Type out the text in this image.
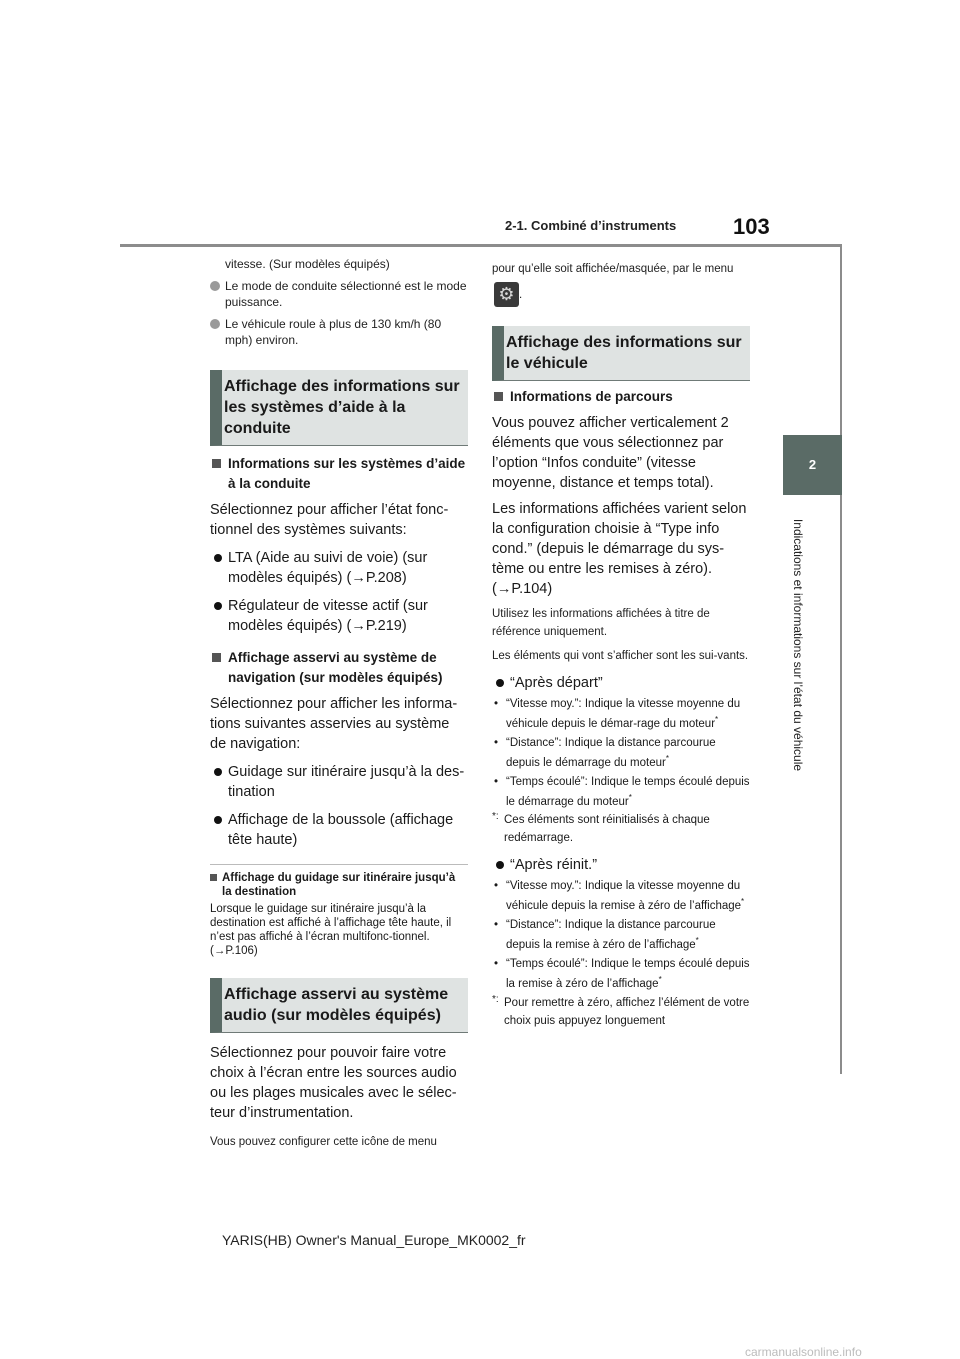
2-1. Combiné d’instruments	103
2
Indications et informations sur l’état du véhicule
vitesse. (Sur modèles équipés)
Le mode de conduite sélectionné est le mode puissance.
Le véhicule roule à plus de 130 km/h (80 mph) environ.
Affichage des informations sur les systèmes d’aide à la conduite
Informations sur les systèmes d’aide à la conduite
Sélectionnez pour afficher l’état fonc-tionnel des systèmes suivants:
LTA (Aide au suivi de voie) (sur modèles équipés) (→P.208)
Régulateur de vitesse actif (sur modèles équipés) (→P.219)
Affichage asservi au système de navigation (sur modèles équipés)
Sélectionnez pour afficher les informa-tions suivantes asservies au système de navigation:
Guidage sur itinéraire jusqu’à la des-tination
Affichage de la boussole (affichage tête haute)
Affichage du guidage sur itinéraire jusqu’à la destination
Lorsque le guidage sur itinéraire jusqu’à la destination est affiché à l’affichage tête haute, il n’est pas affiché à l’écran multifonc-tionnel. (→P.106)
Affichage asservi au système audio (sur modèles équipés)
Sélectionnez pour pouvoir faire votre choix à l’écran entre les sources audio ou les plages musicales avec le sélec-teur d’instrumentation.
Vous pouvez configurer cette icône de menu
pour qu’elle soit affichée/masquée, par le menu ⚙.
Affichage des informations sur le véhicule
Informations de parcours
Vous pouvez afficher verticalement 2 éléments que vous sélectionnez par l’option “Infos conduite” (vitesse moyenne, distance et temps total).
Les informations affichées varient selon la configuration choisie à “Type info cond.” (depuis le démarrage du sys-tème ou entre les remises à zéro). (→P.104)
Utilisez les informations affichées à titre de référence uniquement.
Les éléments qui vont s’afficher sont les sui-vants.
“Après départ”
• “Vitesse moy.”: Indique la vitesse moyenne du véhicule depuis le démar-rage du moteur*
• “Distance”: Indique la distance parcourue depuis le démarrage du moteur*
• “Temps écoulé”: Indique le temps écoulé depuis le démarrage du moteur*
*: Ces éléments sont réinitialisés à chaque redémarrage.
“Après réinit.”
• “Vitesse moy.”: Indique la vitesse moyenne du véhicule depuis la remise à zéro de l’affichage*
• “Distance”: Indique la distance parcourue depuis la remise à zéro de l’affichage*
• “Temps écoulé”: Indique le temps écoulé depuis la remise à zéro de l’affichage*
*: Pour remettre à zéro, affichez l’élément de votre choix puis appuyez longuement
YARIS(HB) Owner's Manual_Europe_MK0002_fr
carmanualsonline.info
